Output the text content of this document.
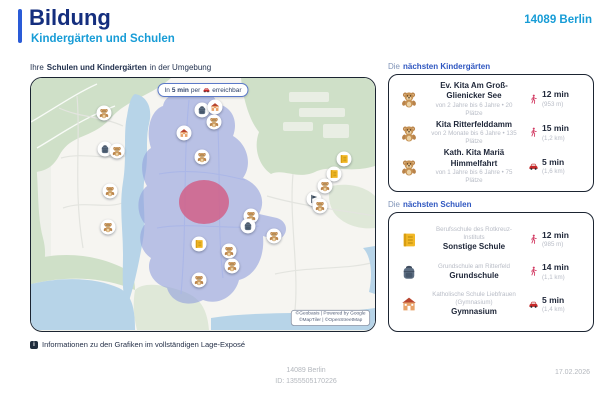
Bildung
Kindergärten und Schulen
14089 Berlin
Ihre Schulen und Kindergärten in der Umgebung
In 5 min per erreichbar
©Geobasis | Powered by Google
©MapTiler | ©OpenStreetMap
Die nächsten Kindergärten
Ev. Kita Am Groß-Glienicker See
von 2 Jahre bis 6 Jahre • 20 Plätze
12 min
(953 m)
Kita Ritterfelddamm
von 2 Monate bis 6 Jahre • 135 Plätze
15 min
(1,2 km)
Kath. Kita Mariä Himmelfahrt
von 1 Jahre bis 6 Jahre • 75 Plätze
5 min
(1,6 km)
Die nächsten Schulen
Berufsschule des Rotkreuz-Instituts
Sonstige Schule
12 min
(985 m)
Grundschule am Ritterfeld
Grundschule
14 min
(1,1 km)
Katholische Schule Liebfrauen (Gymnasium)
Gymnasium
5 min
(1,4 km)
i
Informationen zu den Grafiken im vollständigen Lage-Exposé
14089 Berlin
ID: 1355505170226
17.02.2026
